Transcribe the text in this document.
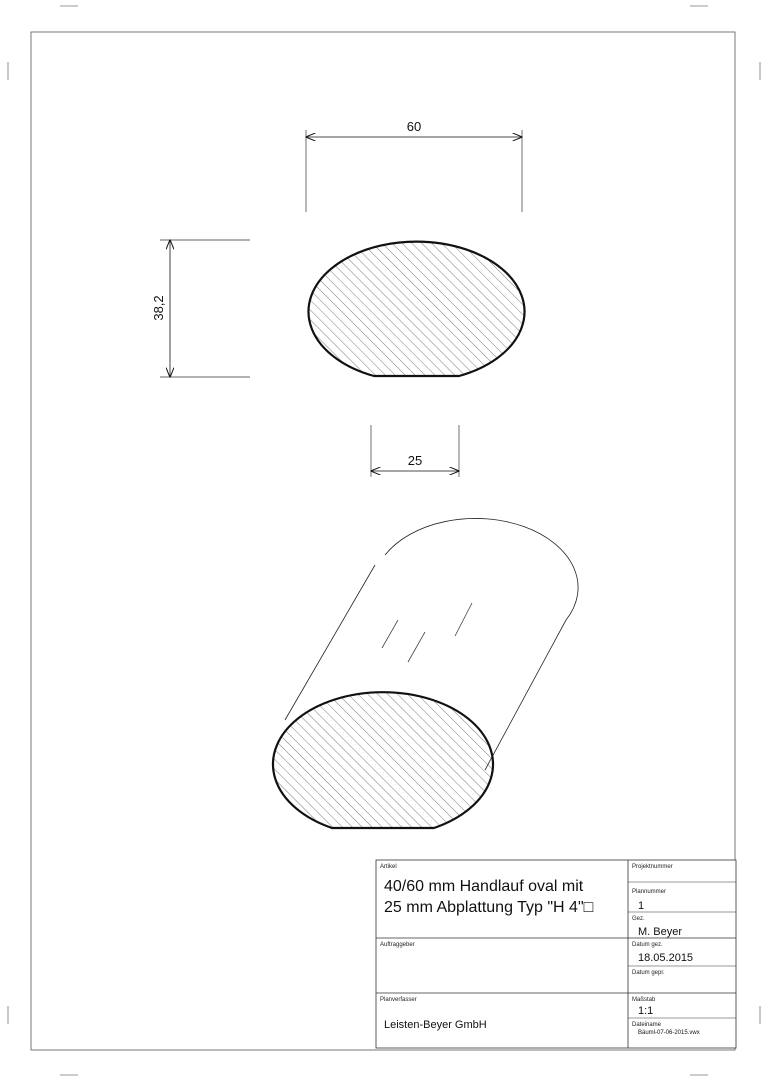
60
38,2
25
Artikel
40/60 mm Handlauf oval mit
25 mm Abplattung Typ "H 4"□
Auftraggeber
Planverfasser
Leisten-Beyer GmbH
Projektnummer
Plannummer
1
Gez.
M. Beyer
Datum gez.
18.05.2015
Datum gepr.
Maßstab
1:1
Dateiname
Bäuml-07-06-2015.vwx
